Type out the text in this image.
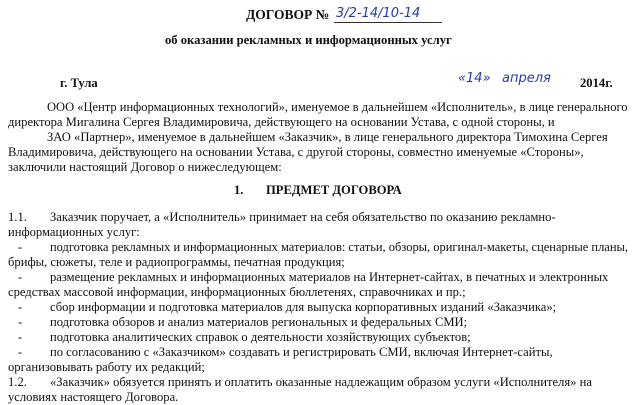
ДОГОВОР № 3/2-14/10-14
об оказании рекламных и информационных услуг
г. Тула	«14» апреля 2014г.
ООО «Центр информационных технологий», именуемое в дальнейшем «Исполнитель», в лице генерального
директора Мигалина Сергея Владимировича, действующего на основании Устава, с одной стороны, и
ЗАО «Партнер», именуемое в дальнейшем «Заказчик», в лице генерального директора Тимохина Сергея
Владимировича, действующего на основании Устава, с другой стороны, совместно именуемые «Стороны»,
заключили настоящий Договор о нижеследующем:
1. ПРЕДМЕТ ДОГОВОРА
1.1. Заказчик поручает, а «Исполнитель» принимает на себя обязательство по оказанию рекламно-
информационных услуг:
- подготовка рекламных и информационных материалов: статьи, обзоры, оригинал-макеты, сценарные планы,
брифы, сюжеты, теле и радиопрограммы, печатная продукция;
- размещение рекламных и информационных материалов на Интернет-сайтах, в печатных и электронных
средствах массовой информации, информационных бюллетенях, справочниках и пр.;
- сбор информации и подготовка материалов для выпуска корпоративных изданий «Заказчика»;
- подготовка обзоров и анализ материалов региональных и федеральных СМИ;
- подготовка аналитических справок о деятельности хозяйствующих субъектов;
- по согласованию с «Заказчиком» создавать и регистрировать СМИ, включая Интернет-сайты,
организовывать работу их редакций;
1.2. «Заказчик» обязуется принять и оплатить оказанные надлежащим образом услуги «Исполнителя» на
условиях настоящего Договора.
